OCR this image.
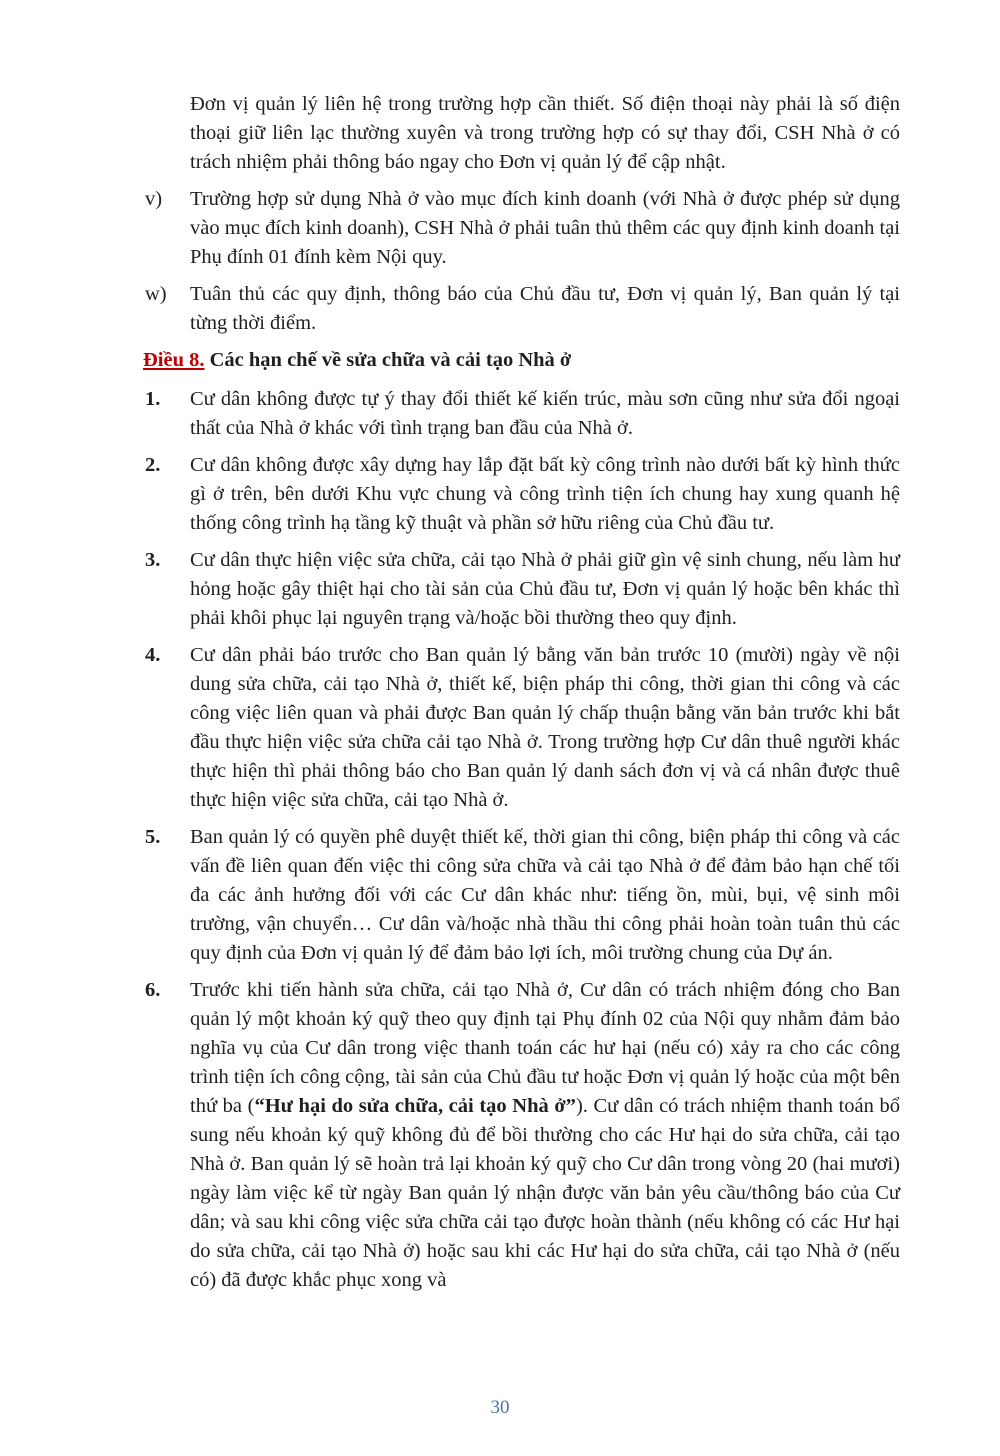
Đơn vị quản lý liên hệ trong trường hợp cần thiết. Số điện thoại này phải là số điện thoại giữ liên lạc thường xuyên và trong trường hợp có sự thay đổi, CSH Nhà ở có trách nhiệm phải thông báo ngay cho Đơn vị quản lý để cập nhật.

v)	Trường hợp sử dụng Nhà ở vào mục đích kinh doanh (với Nhà ở được phép sử dụng vào mục đích kinh doanh), CSH Nhà ở phải tuân thủ thêm các quy định kinh doanh tại Phụ đính 01 đính kèm Nội quy.

w)	Tuân thủ các quy định, thông báo của Chủ đầu tư, Đơn vị quản lý, Ban quản lý tại từng thời điểm.

Điều 8. Các hạn chế về sửa chữa và cải tạo Nhà ở

1.	Cư dân không được tự ý thay đổi thiết kế kiến trúc, màu sơn cũng như sửa đổi ngoại thất của Nhà ở khác với tình trạng ban đầu của Nhà ở.

2.	Cư dân không được xây dựng hay lắp đặt bất kỳ công trình nào dưới bất kỳ hình thức gì ở trên, bên dưới Khu vực chung và công trình tiện ích chung hay xung quanh hệ thống công trình hạ tầng kỹ thuật và phần sở hữu riêng của Chủ đầu tư.

3.	Cư dân thực hiện việc sửa chữa, cải tạo Nhà ở phải giữ gìn vệ sinh chung, nếu làm hư hỏng hoặc gây thiệt hại cho tài sản của Chủ đầu tư, Đơn vị quản lý hoặc bên khác thì phải khôi phục lại nguyên trạng và/hoặc bồi thường theo quy định.

4.	Cư dân phải báo trước cho Ban quản lý bằng văn bản trước 10 (mười) ngày về nội dung sửa chữa, cải tạo Nhà ở, thiết kế, biện pháp thi công, thời gian thi công và các công việc liên quan và phải được Ban quản lý chấp thuận bằng văn bản trước khi bắt đầu thực hiện việc sửa chữa cải tạo Nhà ở. Trong trường hợp Cư dân thuê người khác thực hiện thì phải thông báo cho Ban quản lý danh sách đơn vị và cá nhân được thuê thực hiện việc sửa chữa, cải tạo Nhà ở.

5.	Ban quản lý có quyền phê duyệt thiết kế, thời gian thi công, biện pháp thi công và các vấn đề liên quan đến việc thi công sửa chữa và cải tạo Nhà ở để đảm bảo hạn chế tối đa các ảnh hưởng đối với các Cư dân khác như: tiếng ồn, mùi, bụi, vệ sinh môi trường, vận chuyển… Cư dân và/hoặc nhà thầu thi công phải hoàn toàn tuân thủ các quy định của Đơn vị quản lý để đảm bảo lợi ích, môi trường chung của Dự án.

6.	Trước khi tiến hành sửa chữa, cải tạo Nhà ở, Cư dân có trách nhiệm đóng cho Ban quản lý một khoản ký quỹ theo quy định tại Phụ đính 02 của Nội quy nhằm đảm bảo nghĩa vụ của Cư dân trong việc thanh toán các hư hại (nếu có) xảy ra cho các công trình tiện ích công cộng, tài sản của Chủ đầu tư hoặc Đơn vị quản lý hoặc của một bên thứ ba (“Hư hại do sửa chữa, cải tạo Nhà ở”). Cư dân có trách nhiệm thanh toán bổ sung nếu khoản ký quỹ không đủ để bồi thường cho các Hư hại do sửa chữa, cải tạo Nhà ở. Ban quản lý sẽ hoàn trả lại khoản ký quỹ cho Cư dân trong vòng 20 (hai mươi) ngày làm việc kể từ ngày Ban quản lý nhận được văn bản yêu cầu/thông báo của Cư dân; và sau khi công việc sửa chữa cải tạo được hoàn thành (nếu không có các Hư hại do sửa chữa, cải tạo Nhà ở) hoặc sau khi các Hư hại do sửa chữa, cải tạo Nhà ở (nếu có) đã được khắc phục xong và

30
